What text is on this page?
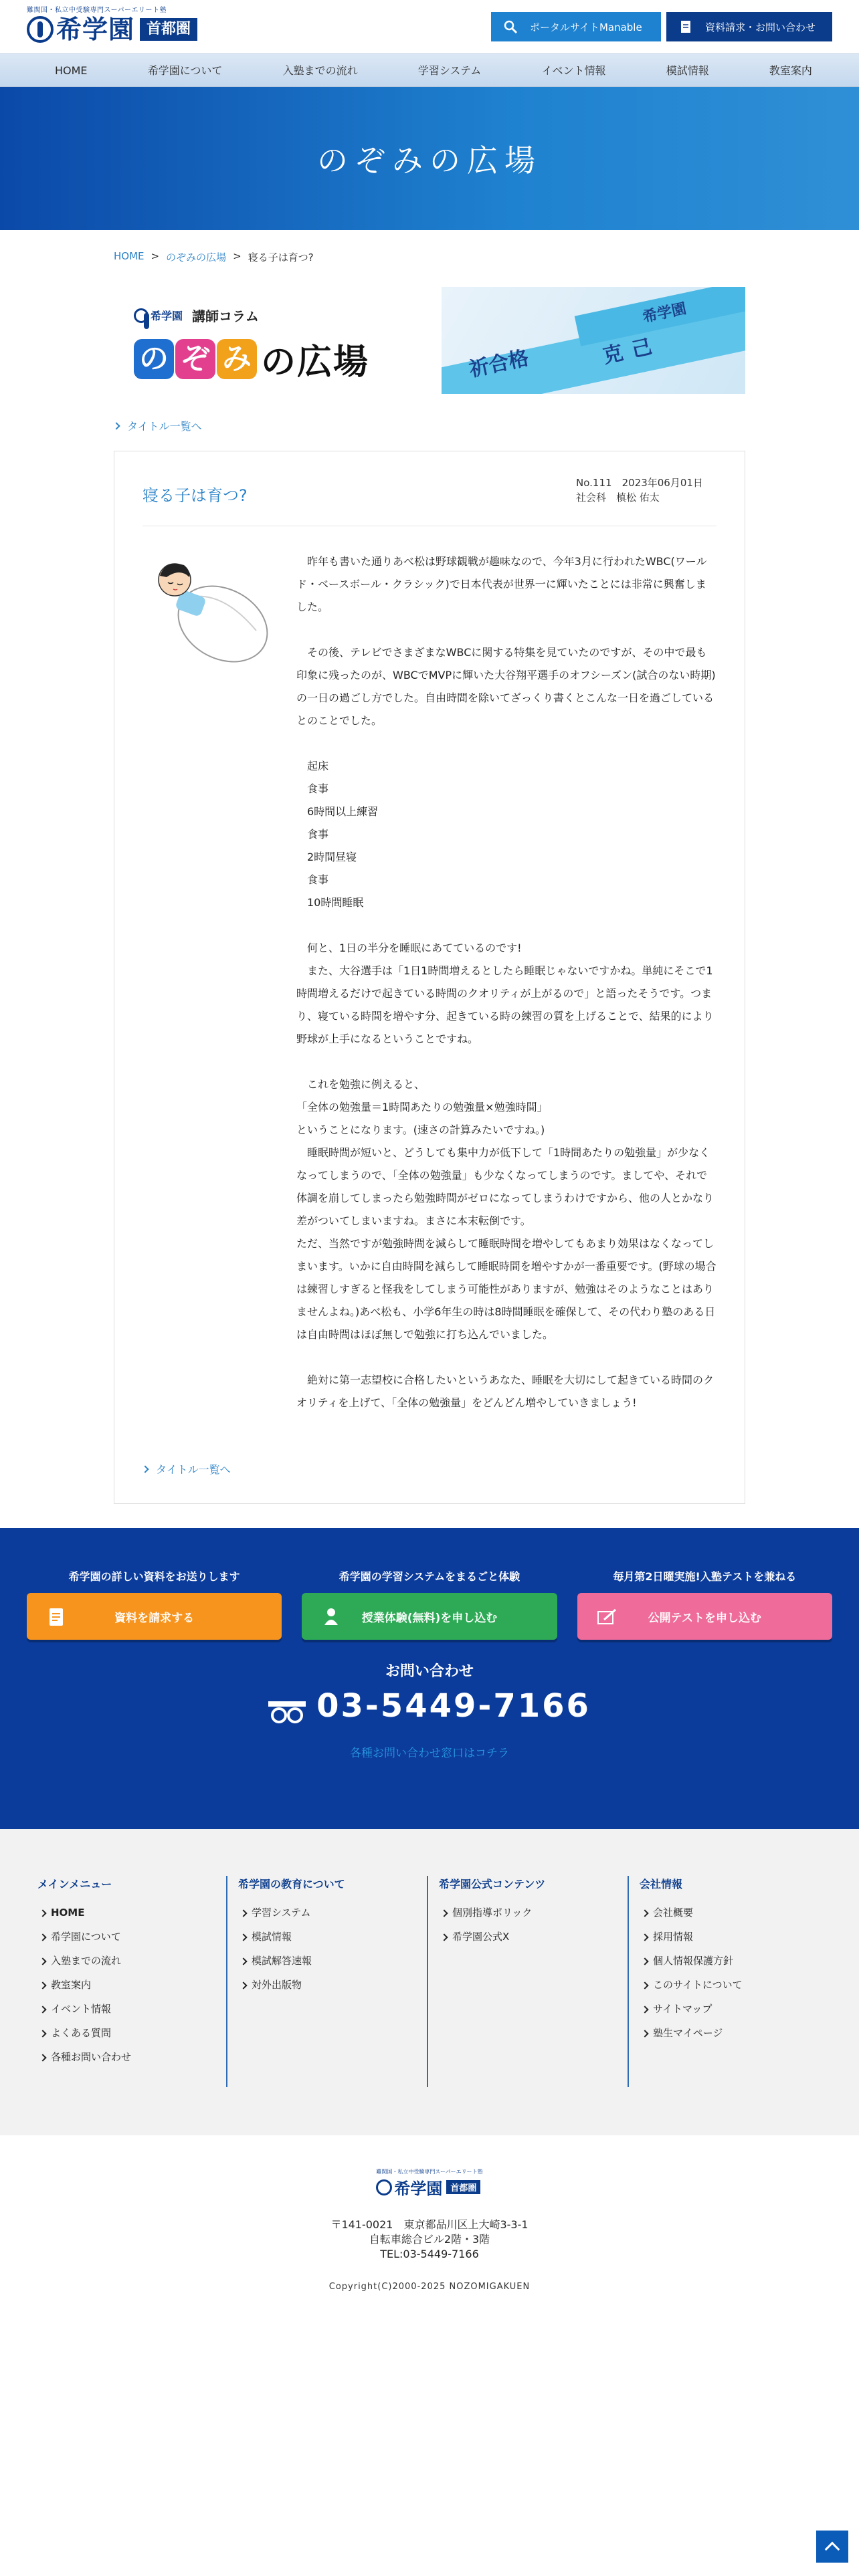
難関国・私立中受験専門スーパーエリート塾
希学園 首都圏	ポータルサイトManable	資料請求・お問い合わせ
HOME	希学園について	入塾までの流れ	学習システム	イベント情報	模試情報	教室案内
のぞみの広場
HOME > のぞみの広場 > 寝る子は育つ?
希学園 講師コラム
の ぞ み の広場	祈合格	克己
希学園
タイトル一覧へ
寝る子は育つ?
No.111　 2023年06月01日
社会科　槙松 佑太

　昨年も書いた通りあべ松は野球観戦が趣味なので、今年3月に行われたWBC(ワールド・ベースボール・クラシック)で日本代表が世界一に輝いたことには非常に興奮しました。

　その後、テレビでさまざまなWBCに関する特集を見ていたのですが、その中で最も印象に残ったのが、WBCでMVPに輝いた大谷翔平選手のオフシーズン(試合のない時期)の一日の過ごし方でした。自由時間を除いてざっくり書くとこんな一日を過ごしているとのことでした。

起床
食事
6時間以上練習
食事
2時間昼寝
食事
10時間睡眠

　何と、1日の半分を睡眠にあてているのです!
　また、大谷選手は「1日1時間増えるとしたら睡眠じゃないですかね。単純にそこで1時間増えるだけで起きている時間のクオリティが上がるので」と語ったそうです。つまり、寝ている時間を増やす分、起きている時の練習の質を上げることで、結果的により野球が上手になるということですね。

　これを勉強に例えると、
「全体の勉強量＝1時間あたりの勉強量×勉強時間」
ということになります。(速さの計算みたいですね。)
　睡眠時間が短いと、どうしても集中力が低下して「1時間あたりの勉強量」が少なくなってしまうので、「全体の勉強量」も少なくなってしまうのです。ましてや、それで体調を崩してしまったら勉強時間がゼロになってしまうわけですから、他の人とかなり差がついてしまいますね。まさに本末転倒です。
ただ、当然ですが勉強時間を減らして睡眠時間を増やしてもあまり効果はなくなってしまいます。いかに自由時間を減らして睡眠時間を増やすかが一番重要です。(野球の場合は練習しすぎると怪我をしてしまう可能性がありますが、勉強はそのようなことはありませんよね。)あべ松も、小学6年生の時は8時間睡眠を確保して、その代わり塾のある日は自由時間はほぼ無しで勉強に打ち込んでいました。

　絶対に第一志望校に合格したいというあなた、睡眠を大切にして起きている時間のクオリティを上げて、「全体の勉強量」をどんどん増やしていきましょう!

タイトル一覧へ
希学園の詳しい資料をお送りします
資料を請求する
希学園の学習システムをまるごと体験
授業体験(無料)を申し込む
毎月第2日曜実施!入塾テストを兼ねる
公開テストを申し込む
お問い合わせ
03-5449-7166
各種お問い合わせ窓口はコチラ
メインメニュー
HOME
希学園について
入塾までの流れ
教室案内
イベント情報
よくある質問
各種お問い合わせ
希学園の教育について
学習システム
模試情報
模試解答速報
対外出版物
希学園公式コンテンツ
個別指導ポリック
希学園公式X
会社情報
会社概要
採用情報
個人情報保護方針
このサイトについて
サイトマップ
塾生マイページ
難関国・私立中受験専門スーパーエリート塾
希学園 首都圏
〒141-0021　東京都品川区上大崎3-3-1
自転車総合ビル2階・3階
TEL:03-5449-7166
Copyright(C)2000-2025 NOZOMIGAKUEN
